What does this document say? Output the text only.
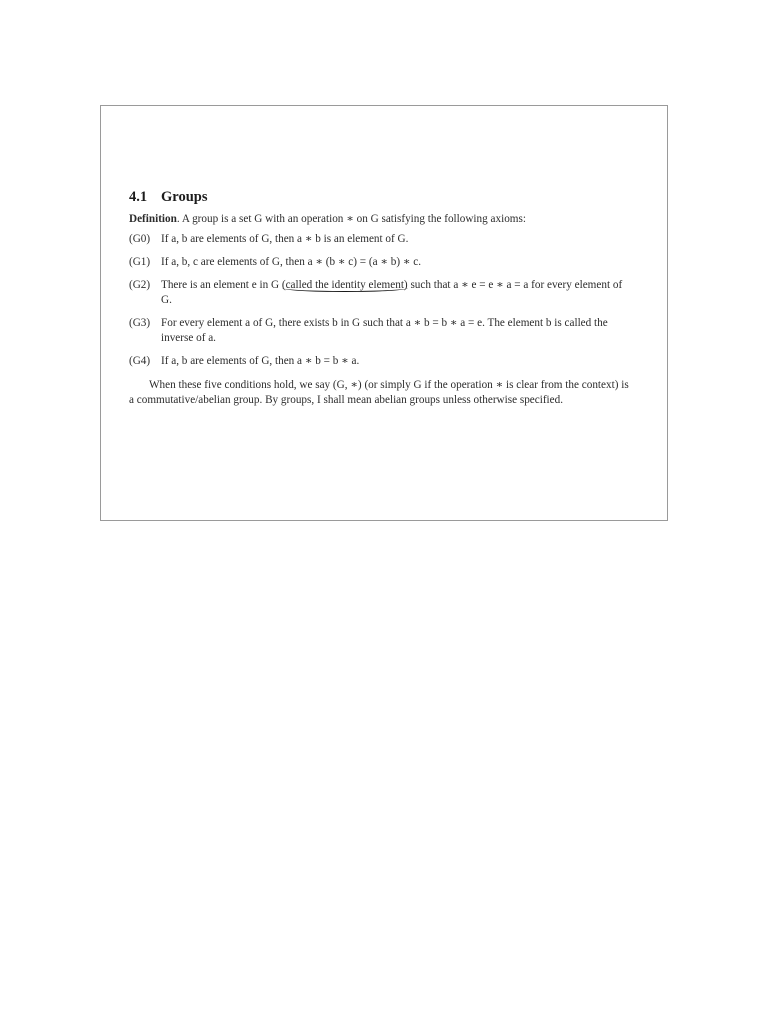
4.1 Groups

Definition. A group is a set G with an operation ∗ on G satisfying the following axioms:

(G0) If a, b are elements of G, then a ∗ b is an element of G.
(G1) If a, b, c are elements of G, then a ∗ (b ∗ c) = (a ∗ b) ∗ c.
(G2) There is an element e in G (called the identity element) such that a ∗ e = e ∗ a = a for every element of G.
(G3) For every element a of G, there exists b in G such that a ∗ b = b ∗ a = e. The element b is called the inverse of a.
(G4) If a, b are elements of G, then a ∗ b = b ∗ a.

When these five conditions hold, we say (G, ∗) (or simply G if the operation ∗ is clear from the context) is a commutative/abelian group. By groups, I shall mean abelian groups unless otherwise specified.
